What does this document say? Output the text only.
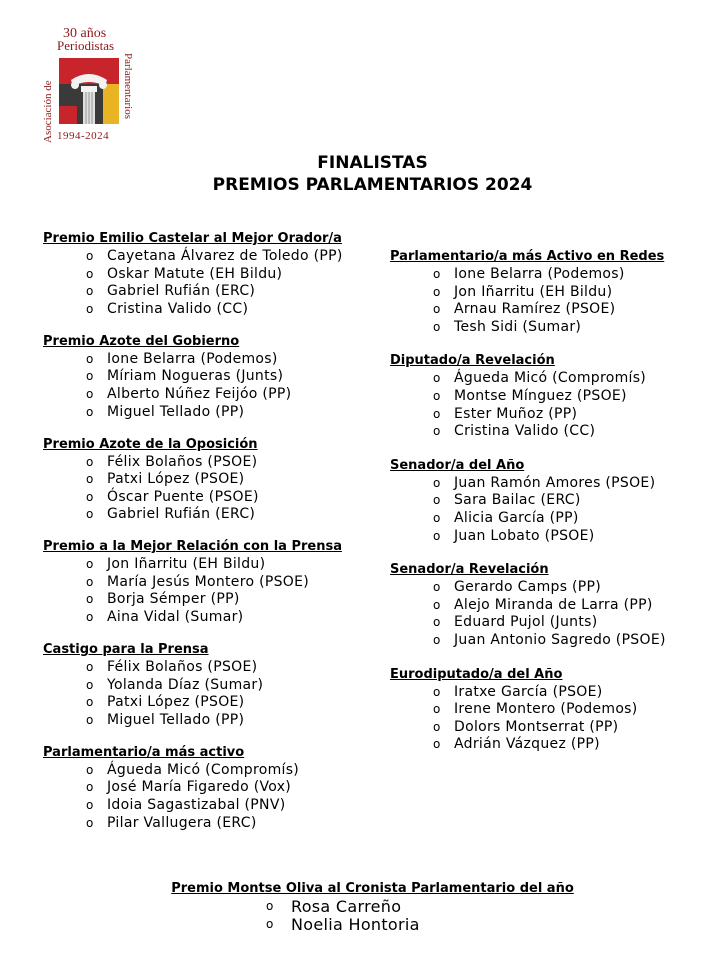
30 años
Periodistas
Asociación de	Parlamentarios
1994-2024
FINALISTAS
PREMIOS PARLAMENTARIOS 2024
Premio Emilio Castelar al Mejor Orador/a
o Cayetana Álvarez de Toledo (PP)
o Oskar Matute (EH Bildu)
o Gabriel Rufián (ERC)
o Cristina Valido (CC)
Premio Azote del Gobierno
o Ione Belarra (Podemos)
o Míriam Nogueras (Junts)
o Alberto Núñez Feijóo (PP)
o Miguel Tellado (PP)
Premio Azote de la Oposición
o Félix Bolaños (PSOE)
o Patxi López (PSOE)
o Óscar Puente (PSOE)
o Gabriel Rufián (ERC)
Premio a la Mejor Relación con la Prensa
o Jon Iñarritu (EH Bildu)
o María Jesús Montero (PSOE)
o Borja Sémper (PP)
o Aina Vidal (Sumar)
Castigo para la Prensa
o Félix Bolaños (PSOE)
o Yolanda Díaz (Sumar)
o Patxi López (PSOE)
o Miguel Tellado (PP)
Parlamentario/a más activo
o Águeda Micó (Compromís)
o José María Figaredo (Vox)
o Idoia Sagastizabal (PNV)
o Pilar Vallugera (ERC)
Parlamentario/a más Activo en Redes
o Ione Belarra (Podemos)
o Jon Iñarritu (EH Bildu)
o Arnau Ramírez (PSOE)
o Tesh Sidi (Sumar)
Diputado/a Revelación
o Águeda Micó (Compromís)
o Montse Mínguez (PSOE)
o Ester Muñoz (PP)
o Cristina Valido (CC)
Senador/a del Año
o Juan Ramón Amores (PSOE)
o Sara Bailac (ERC)
o Alicia García (PP)
o Juan Lobato (PSOE)
Senador/a Revelación
o Gerardo Camps (PP)
o Alejo Miranda de Larra (PP)
o Eduard Pujol (Junts)
o Juan Antonio Sagredo (PSOE)
Eurodiputado/a del Año
o Iratxe García (PSOE)
o Irene Montero (Podemos)
o Dolors Montserrat (PP)
o Adrián Vázquez (PP)
Premio Montse Oliva al Cronista Parlamentario del año
o Rosa Carreño
o Noelia Hontoria
